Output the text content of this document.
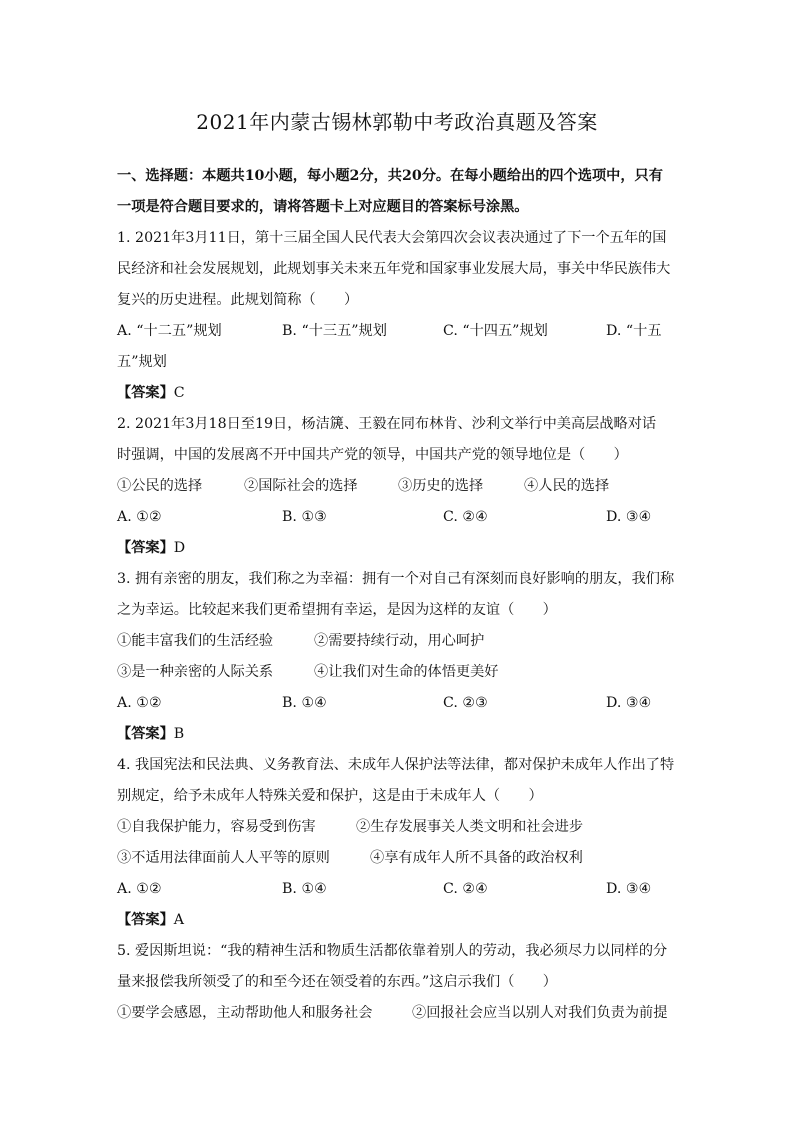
2021年内蒙古锡林郭勒中考政治真题及答案
一、选择题：本题共10小题，每小题2分，共20分。在每小题给出的四个选项中，只有
一项是符合题目要求的，请将答题卡上对应题目的答案标号涂黑。
1. 2021年3月11日，第十三届全国人民代表大会第四次会议表决通过了下一个五年的国
民经济和社会发展规划，此规划事关未来五年党和国家事业发展大局，事关中华民族伟大
复兴的历史进程。此规划简称（　　）
A. “十二五”规划	B. “十三五”规划	C. “十四五”规划	D. “十五
五”规划
【答案】C
2. 2021年3月18日至19日，杨洁篪、王毅在同布林肯、沙利文举行中美高层战略对话
时强调，中国的发展离不开中国共产党的领导，中国共产党的领导地位是（　　）
①公民的选择	②国际社会的选择	③历史的选择	④人民的选择
A. ①②	B. ①③	C. ②④	D. ③④
【答案】D
3. 拥有亲密的朋友，我们称之为幸福：拥有一个对自己有深刻而良好影响的朋友，我们称
之为幸运。比较起来我们更希望拥有幸运，是因为这样的友谊（　　）
①能丰富我们的生活经验	②需要持续行动，用心呵护
③是一种亲密的人际关系	④让我们对生命的体悟更美好
A. ①②	B. ①④	C. ②③	D. ③④
【答案】B
4. 我国宪法和民法典、义务教育法、未成年人保护法等法律，都对保护未成年人作出了特
别规定，给予未成年人特殊关爱和保护，这是由于未成年人（　　）
①自我保护能力，容易受到伤害	②生存发展事关人类文明和社会进步
③不适用法律面前人人平等的原则	④享有成年人所不具备的政治权利
A. ①②	B. ①④	C. ②④	D. ③④
【答案】A
5. 爱因斯坦说：“我的精神生活和物质生活都依靠着别人的劳动，我必须尽力以同样的分
量来报偿我所领受了的和至今还在领受着的东西。”这启示我们（　　）
①要学会感恩，主动帮助他人和服务社会	②回报社会应当以别人对我们负责为前提
